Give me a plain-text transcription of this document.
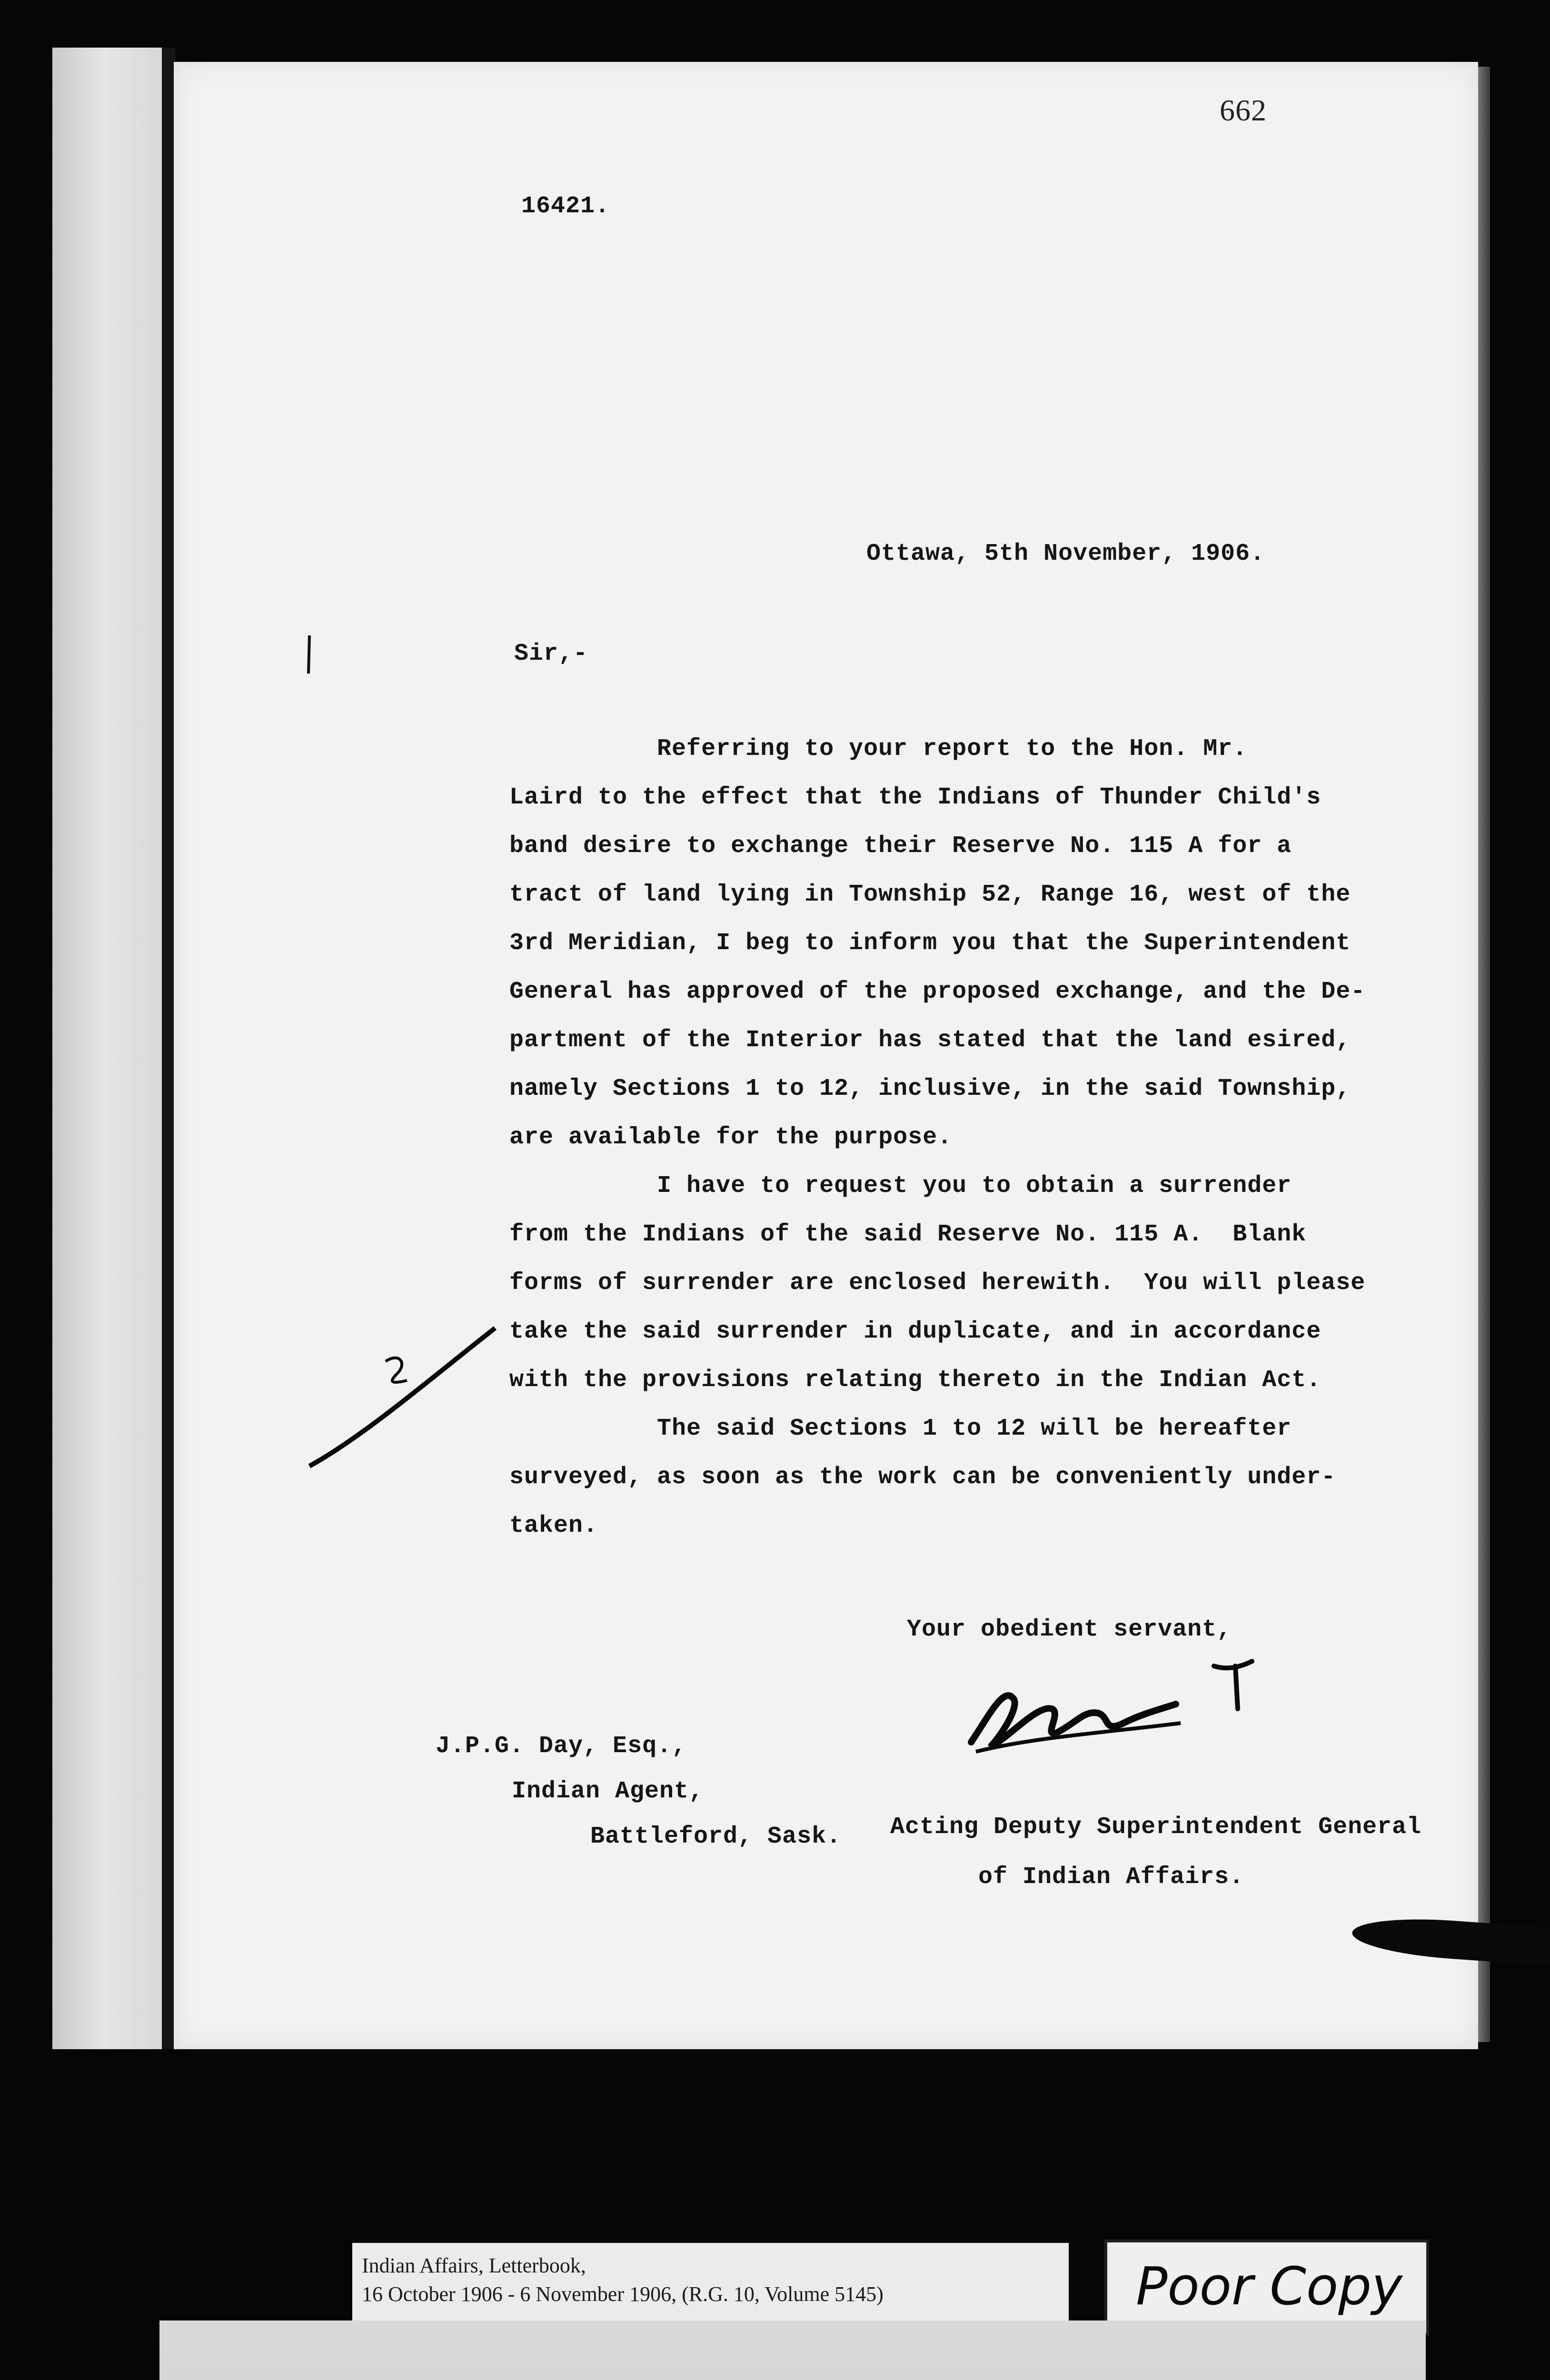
662
16421.
Ottawa, 5th November, 1906.
Sir,-
Referring to your report to the Hon. Mr.
Laird to the effect that the Indians of Thunder Child's
band desire to exchange their Reserve No. 115 A for a
tract of land lying in Township 52, Range 16, west of the
3rd Meridian, I beg to inform you that the Superintendent
General has approved of the proposed exchange, and the De-
partment of the Interior has stated that the land esired,
namely Sections 1 to 12, inclusive, in the said Township,
are available for the purpose.
I have to request you to obtain a surrender
from the Indians of the said Reserve No. 115 A.  Blank
forms of surrender are enclosed herewith.  You will please
take the said surrender in duplicate, and in accordance
with the provisions relating thereto in the Indian Act.
The said Sections 1 to 12 will be hereafter
surveyed, as soon as the work can be conveniently under-
taken.
Your obedient servant,
J.P.G. Day, Esq.,
Indian Agent,
Battleford, Sask. Acting Deputy Superintendent General
of Indian Affairs.
Indian Affairs, Letterbook,
16 October 1906 - 6 November 1906, (R.G. 10, Volume 5145)	Poor Copy
